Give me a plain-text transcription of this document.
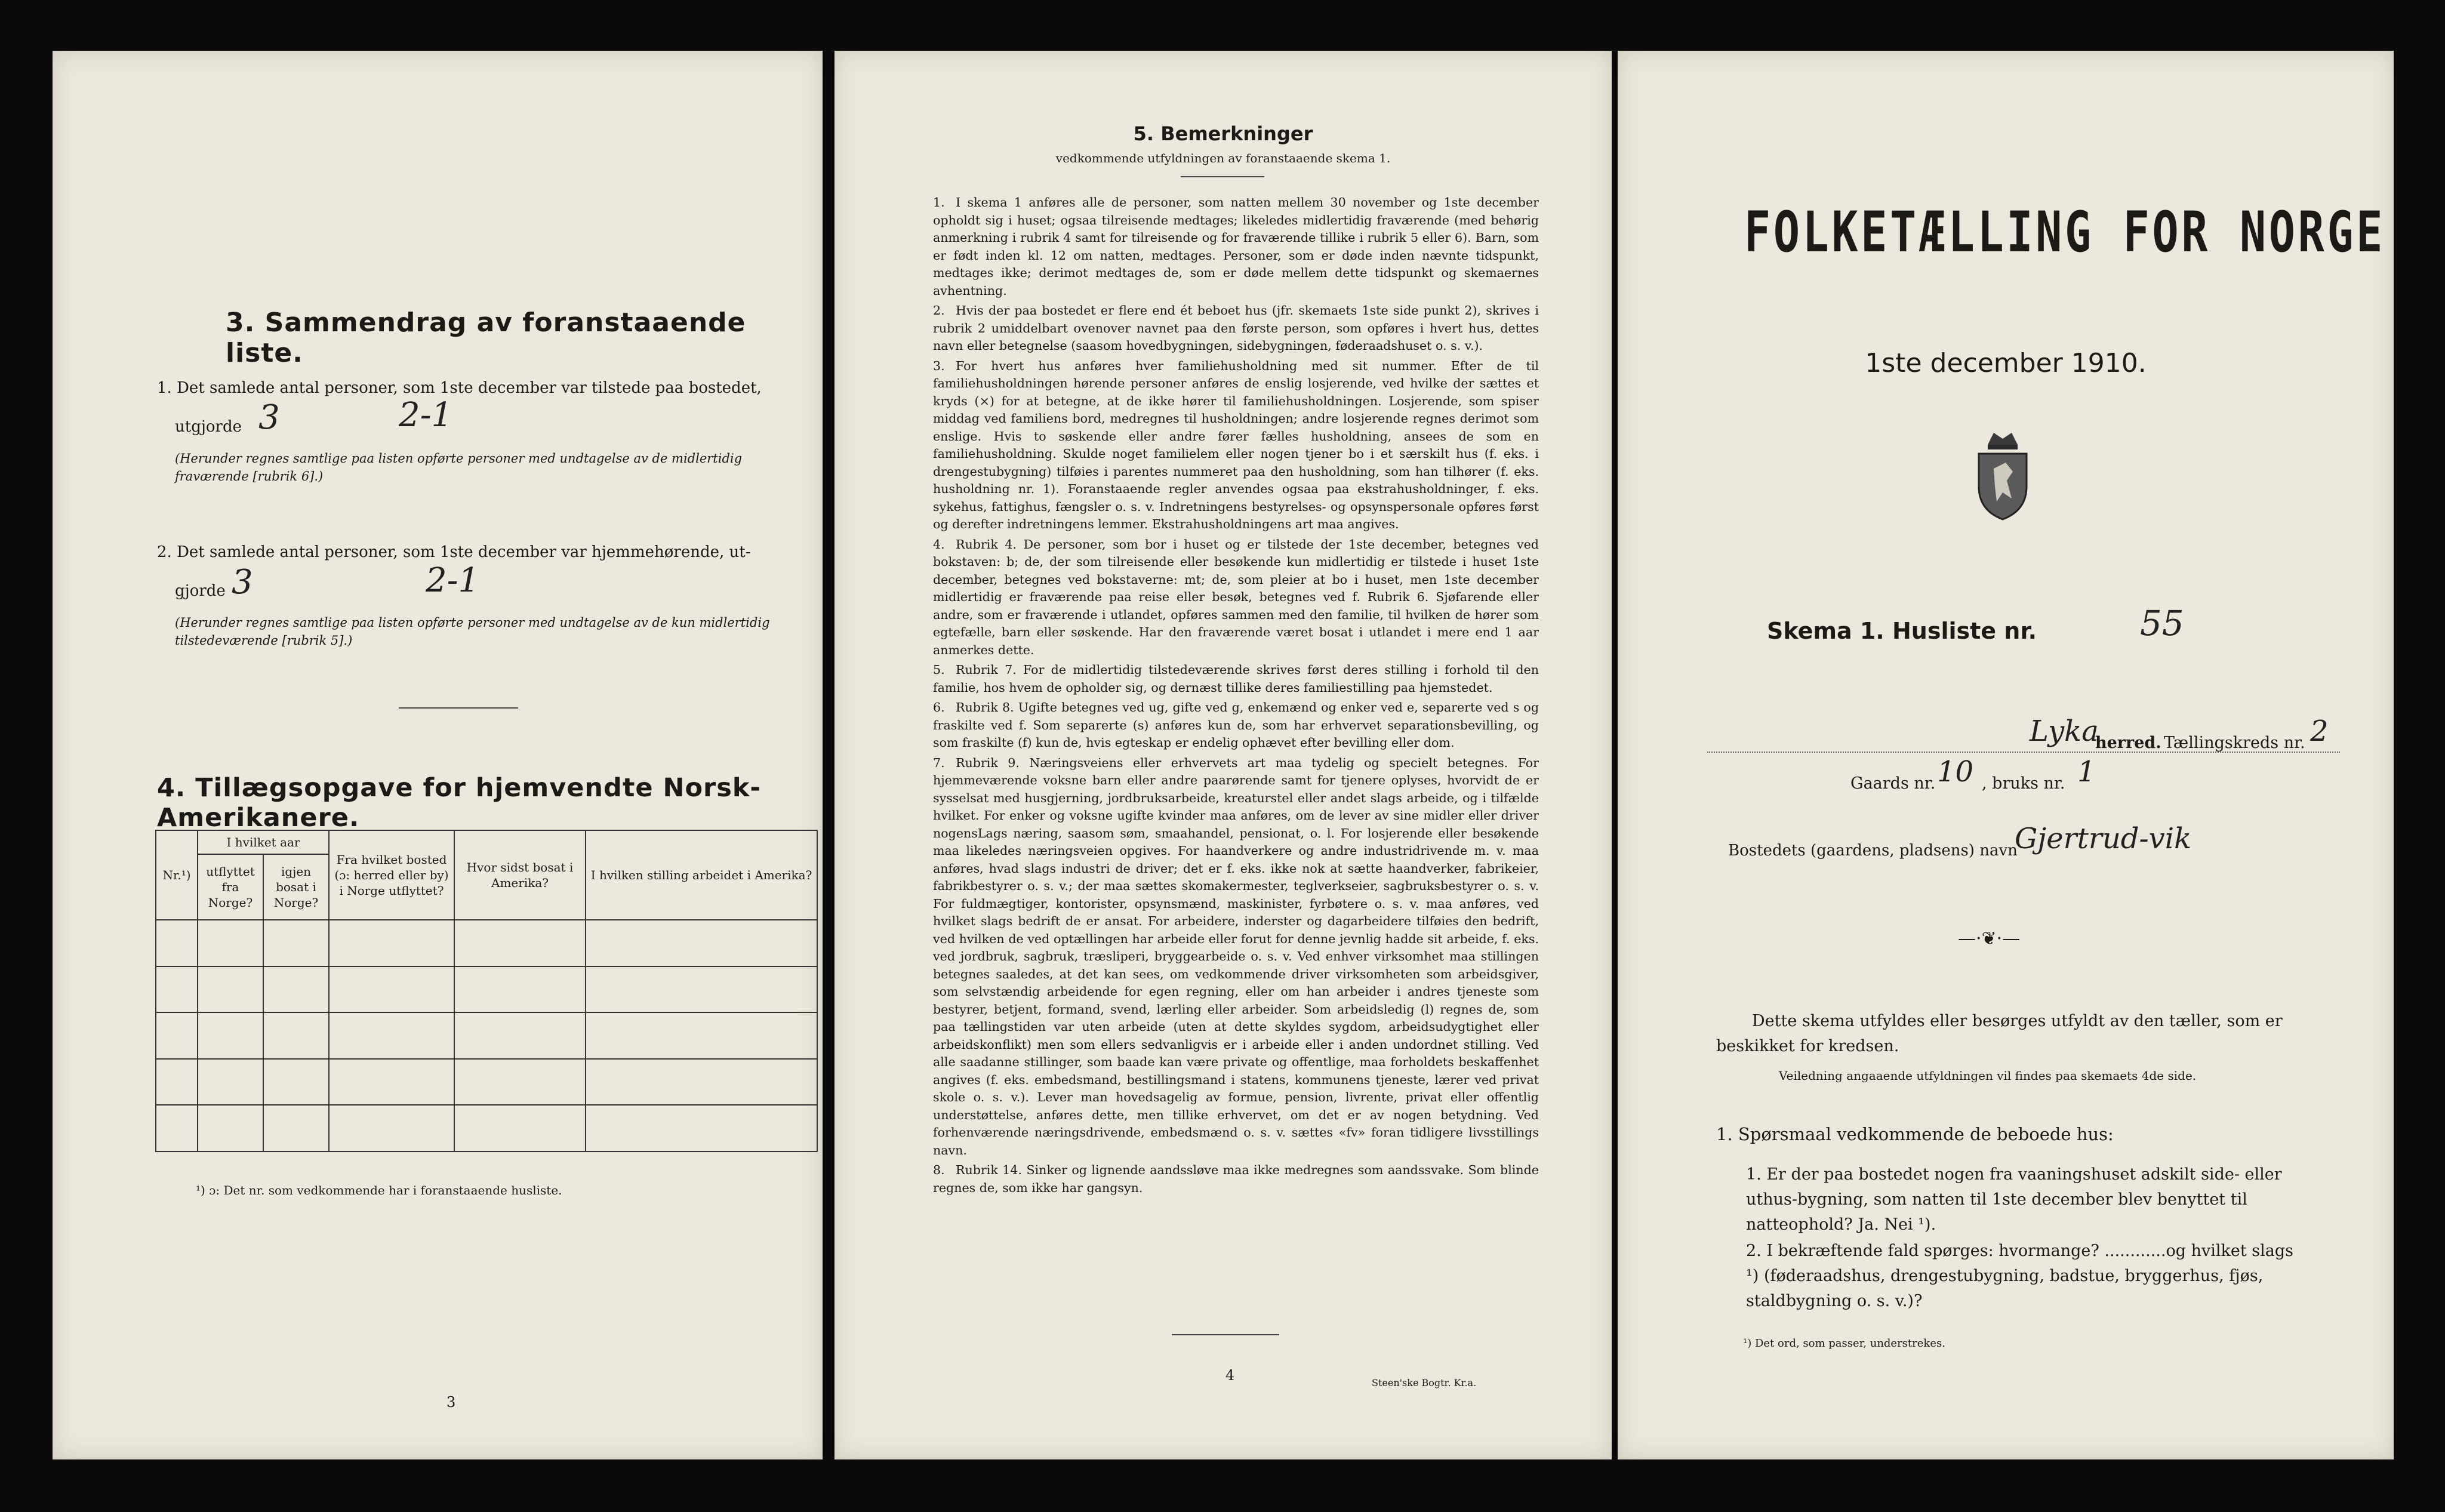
3. Sammendrag av foranstaaende liste.
1. Det samlede antal personer, som 1ste december var tilstede paa bostedet,
utgjorde 3	2-1
(Herunder regnes samtlige paa listen opførte personer med undtagelse av de midlertidig fraværende [rubrik 6].)
2. Det samlede antal personer, som 1ste december var hjemmehørende, ut-
gjorde 3	2-1
(Herunder regnes samtlige paa listen opførte personer med undtagelse av de kun midlertidig tilstedeværende [rubrik 5].)
4. Tillægsopgave for hjemvendte Norsk-Amerikanere.
Nr.¹)	I hvilket aar		Fra hvilket bosted (ɔ: herred eller by) i Norge utflyttet?	Hvor sidst bosat i Amerika?	I hvilken stilling arbeidet i Amerika?
	utflyttet fra Norge?	igjen bosat i Norge?			

¹) ɔ: Det nr. som vedkommende har i foranstaaende husliste.
3
5. Bemerkninger
vedkommende utfyldningen av foranstaaende skema 1.

1. I skema 1 anføres alle de personer, som natten mellem 30 november og 1ste december opholdt sig i huset; ogsaa tilreisende medtages; likeledes midlertidig fraværende (med behørig anmerkning i rubrik 4 samt for tilreisende og for fraværende tillike i rubrik 5 eller 6). Barn, som er født inden kl. 12 om natten, medtages. Personer, som er døde inden nævnte tidspunkt, medtages ikke; derimot medtages de, som er døde mellem dette tidspunkt og skemaernes avhentning.

2. Hvis der paa bostedet er flere end ét beboet hus (jfr. skemaets 1ste side punkt 2), skrives i rubrik 2 umiddelbart ovenover navnet paa den første person, som opføres i hvert hus, dettes navn eller betegnelse (saasom hovedbygningen, sidebygningen, føderaadshuset o. s. v.).

3. For hvert hus anføres hver familiehusholdning med sit nummer. Efter de til familiehusholdningen hørende personer anføres de enslig losjerende, ved hvilke der sættes et kryds (×) for at betegne, at de ikke hører til familiehusholdningen. Losjerende, som spiser middag ved familiens bord, medregnes til husholdningen; andre losjerende regnes derimot som enslige. Hvis to søskende eller andre fører fælles husholdning, ansees de som en familiehusholdning. Skulde noget familielem eller nogen tjener bo i et særskilt hus (f. eks. i drengestubygning) tilføies i parentes nummeret paa den husholdning, som han tilhører (f. eks. husholdning nr. 1). Foranstaaende regler anvendes ogsaa paa ekstrahusholdninger, f. eks. sykehus, fattighus, fængsler o. s. v. Indretningens bestyrelses- og opsynspersonale opføres først og derefter indretningens lemmer. Ekstrahusholdningens art maa angives.

4. Rubrik 4. De personer, som bor i huset og er tilstede der 1ste december, betegnes ved bokstaven: b; de, der som tilreisende eller besøkende kun midlertidig er tilstede i huset 1ste december, betegnes ved bokstaverne: mt; de, som pleier at bo i huset, men 1ste december midlertidig er fraværende paa reise eller besøk, betegnes ved f. Rubrik 6. Sjøfarende eller andre, som er fraværende i utlandet, opføres sammen med den familie, til hvilken de hører som egtefælle, barn eller søskende. Har den fraværende været bosat i utlandet i mere end 1 aar anmerkes dette.

5. Rubrik 7. For de midlertidig tilstedeværende skrives først deres stilling i forhold til den familie, hos hvem de opholder sig, og dernæst tillike deres familiestilling paa hjemstedet.

6. Rubrik 8. Ugifte betegnes ved ug, gifte ved g, enkemænd og enker ved e, separerte ved s og fraskilte ved f. Som separerte (s) anføres kun de, som har erhvervet separationsbevilling, og som fraskilte (f) kun de, hvis egteskap er endelig ophævet efter bevilling eller dom.

7. Rubrik 9. Næringsveiens eller erhvervets art maa tydelig og specielt betegnes. For hjemmeværende voksne barn eller andre paarørende samt for tjenere oplyses, hvorvidt de er sysselsat med husgjerning, jordbruksarbeide, kreaturstel eller andet slags arbeide, og i tilfælde hvilket. For enker og voksne ugifte kvinder maa anføres, om de lever av sine midler eller driver nogensLags næring, saasom søm, smaahandel, pensionat, o. l. For losjerende eller besøkende maa likeledes næringsveien opgives. For haandverkere og andre industridrivende m. v. maa anføres, hvad slags industri de driver; det er f. eks. ikke nok at sætte haandverker, fabrikeier, fabrikbestyrer o. s. v.; der maa sættes skomakermester, teglverkseier, sagbruksbestyrer o. s. v. For fuldmægtiger, kontorister, opsynsmænd, maskinister, fyrbøtere o. s. v. maa anføres, ved hvilket slags bedrift de er ansat. For arbeidere, inderster og dagarbeidere tilføies den bedrift, ved hvilken de ved optællingen har arbeide eller forut for denne jevnlig hadde sit arbeide, f. eks. ved jordbruk, sagbruk, træsliperi, bryggearbeide o. s. v. Ved enhver virksomhet maa stillingen betegnes saaledes, at det kan sees, om vedkommende driver virksomheten som arbeidsgiver, som selvstændig arbeidende for egen regning, eller om han arbeider i andres tjeneste som bestyrer, betjent, formand, svend, lærling eller arbeider. Som arbeidsledig (l) regnes de, som paa tællingstiden var uten arbeide (uten at dette skyldes sygdom, arbeidsudygtighet eller arbeidskonflikt) men som ellers sedvanligvis er i arbeide eller i anden undordnet stilling. Ved alle saadanne stillinger, som baade kan være private og offentlige, maa forholdets beskaffenhet angives (f. eks. embedsmand, bestillingsmand i statens, kommunens tjeneste, lærer ved privat skole o. s. v.). Lever man hovedsagelig av formue, pension, livrente, privat eller offentlig understøttelse, anføres dette, men tillike erhvervet, om det er av nogen betydning. Ved forhenværende næringsdrivende, embedsmænd o. s. v. sættes «fv» foran tidligere livsstillings navn.

8. Rubrik 14. Sinker og lignende aandssløve maa ikke medregnes som aandssvake. Som blinde regnes de, som ikke har gangsyn.

4	Steen'ske Bogtr. Kr.a.
FOLKETÆLLING FOR NORGE
1ste december 1910.
Skema 1. Husliste nr.	55
Lyka
herred. Tællingskreds nr. 2
Gaards nr. 10 , bruks nr. 1
Bostedets (gaardens, pladsens) navn
Gjertrud-vik
—·❦·—
Dette skema utfyldes eller besørges utfyldt av den tæller, som er beskikket for kredsen.
Veiledning angaaende utfyldningen vil findes paa skemaets 4de side.
1. Spørsmaal vedkommende de beboede hus:
1. Er der paa bostedet nogen fra vaaningshuset adskilt side- eller uthus-bygning, som natten til 1ste december blev benyttet til natteophold? Ja. Nei ¹).
2. I bekræftende fald spørges: hvormange? ............og hvilket slags ¹) (føderaadshus, drengestubygning, badstue, bryggerhus, fjøs, staldbygning o. s. v.)?
¹) Det ord, som passer, understrekes.
